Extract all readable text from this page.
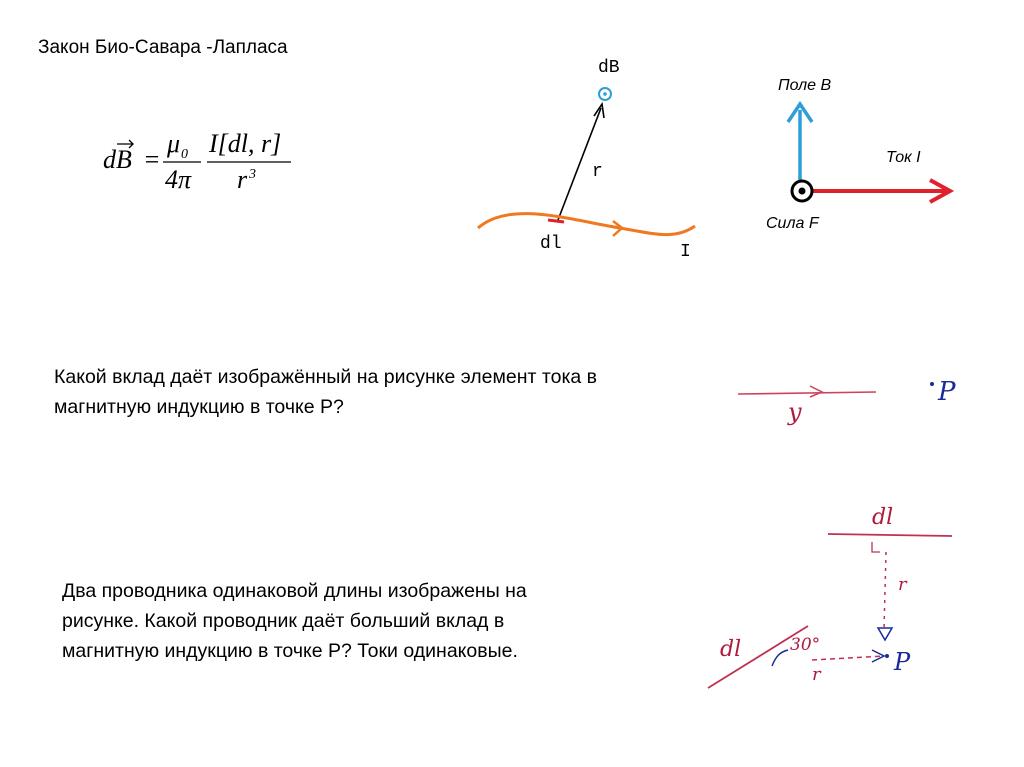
Закон Био-Савара -Лапласа
dB =
μ 0
4π
I[dl, r]
r 3
dB
r
dl	I
Поле B
Ток I
Сила F
Какой вклад даёт изображённый на рисунке элемент тока в магнитную индукцию в точке Р?	y
P
Два проводника одинаковой длины изображены на рисунке. Какой проводник даёт больший вклад в магнитную индукцию в точке Р? Токи одинаковые.
dl
r
dl	30°
r	P
